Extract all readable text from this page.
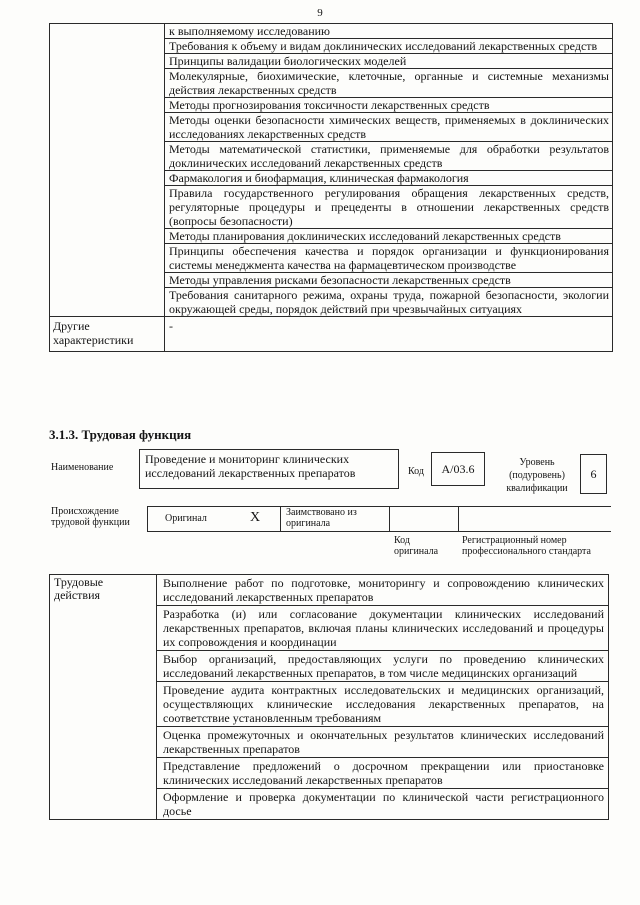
9
	к выполняемому исследованию
	Требования к объему и видам доклинических исследований лекарственных средств
	Принципы валидации биологических моделей
	Молекулярные, биохимические, клеточные, органные и системные механизмы действия лекарственных средств
	Методы прогнозирования токсичности лекарственных средств
	Методы оценки безопасности химических веществ, применяемых в доклинических исследованиях лекарственных средств
	Методы математической статистики, применяемые для обработки результатов доклинических исследований лекарственных средств
	Фармакология и биофармация, клиническая фармакология
	Правила государственного регулирования обращения лекарственных средств, регуляторные процедуры и прецеденты в отношении лекарственных средств (вопросы безопасности)
	Методы планирования доклинических исследований лекарственных средств
	Принципы обеспечения качества и порядок организации и функционирования системы менеджмента качества на фармацевтическом производстве
	Методы управления рисками безопасности лекарственных средств
	Требования санитарного режима, охраны труда, пожарной безопасности, экологии окружающей среды, порядок действий при чрезвычайных ситуациях
Другие характеристики	-
3.1.3. Трудовая функция
Наименование
Проведение и мониторинг клинических исследований лекарственных препаратов	Код	A/03.6	Уровень (подуровень) квалификации
6
Происхождение трудовой функции	Оригинал	X	Заимствовано из оригинала
Код оригинала
Регистрационный номер профессионального стандарта
Трудовые действия	Выполнение работ по подготовке, мониторингу и сопровождению клинических исследований лекарственных препаратов
Разработка (и) или согласование документации клинических исследований лекарственных препаратов, включая планы клинических исследований и процедуры их сопровождения и координации
Выбор организаций, предоставляющих услуги по проведению клинических исследований лекарственных препаратов, в том числе медицинских организаций
Проведение аудита контрактных исследовательских и медицинских организаций, осуществляющих клинические исследования лекарственных препаратов, на соответствие установленным требованиям
Оценка промежуточных и окончательных результатов клинических исследований лекарственных препаратов
Представление предложений о досрочном прекращении или приостановке клинических исследований лекарственных препаратов
Оформление и проверка документации по клинической части регистрационного досье
